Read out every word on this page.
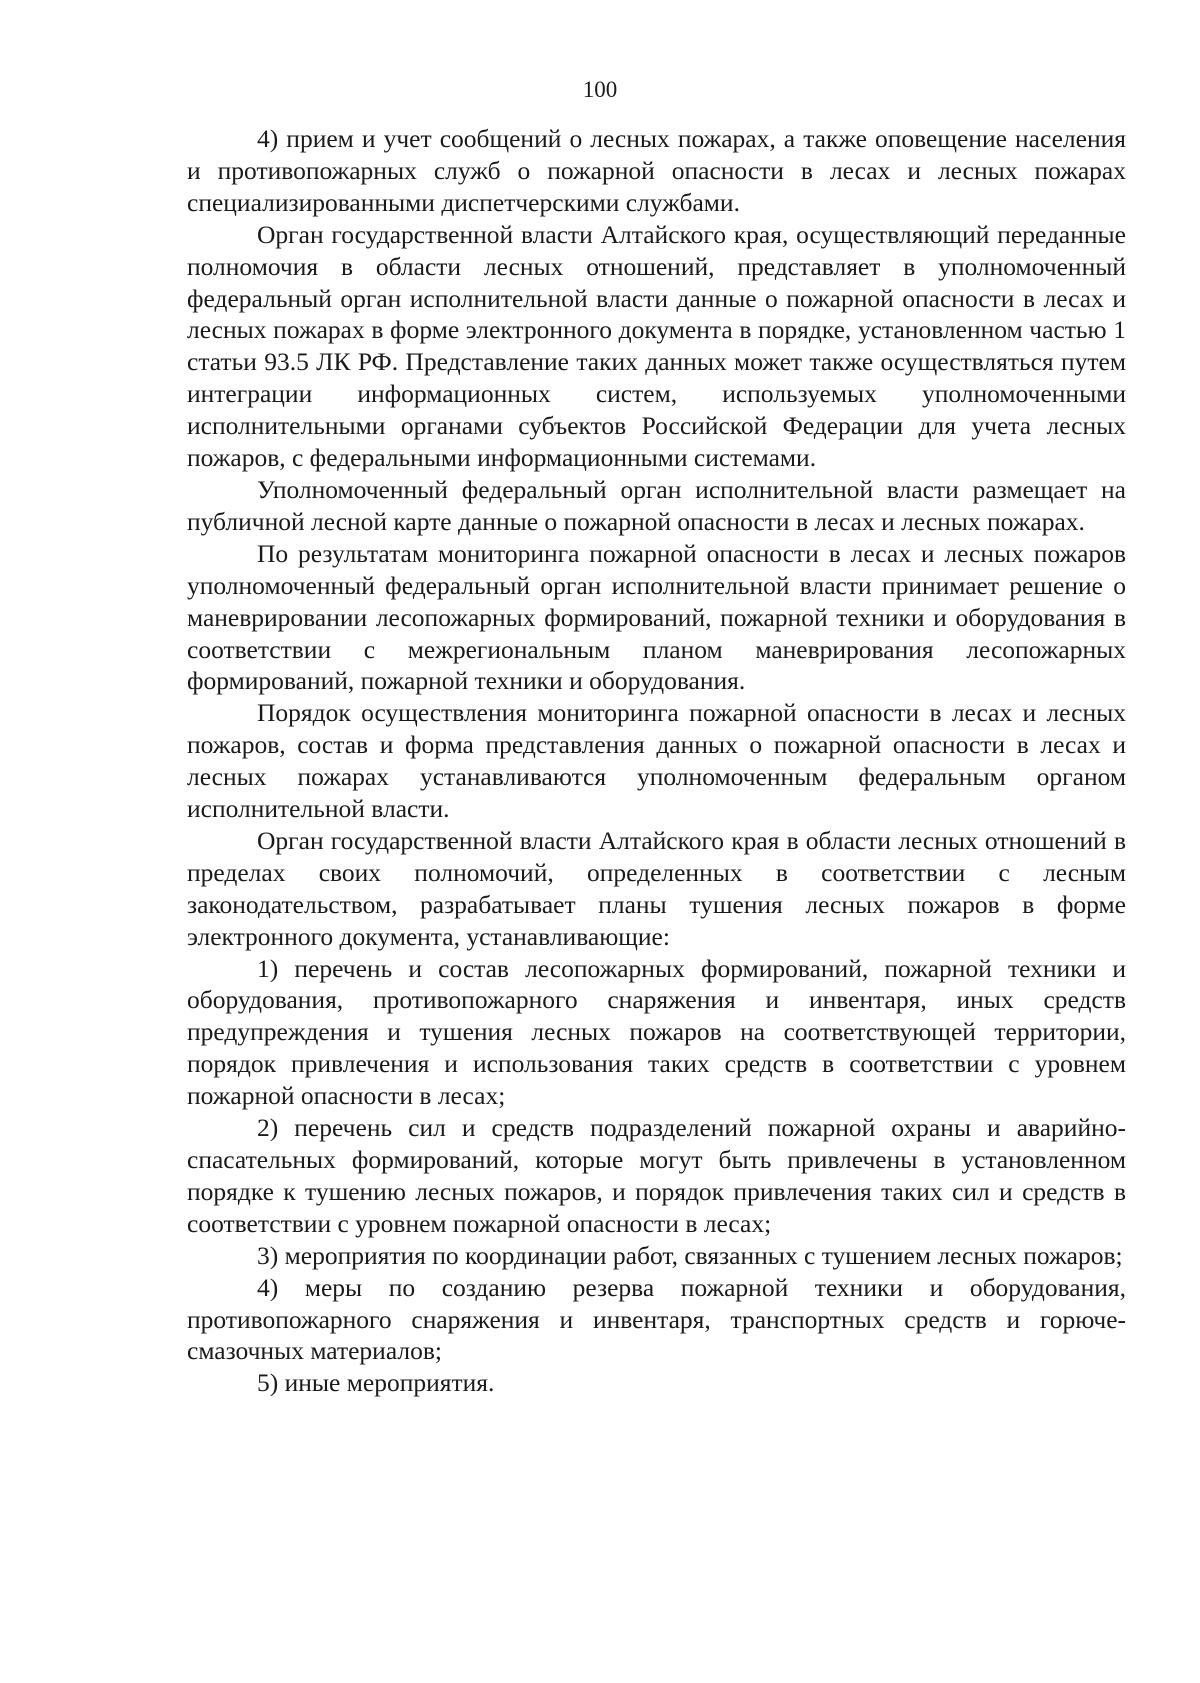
100

4) прием и учет сообщений о лесных пожарах, а также оповещение населения и противопожарных служб о пожарной опасности в лесах и лесных пожарах специализированными диспетчерскими службами.

Орган государственной власти Алтайского края, осуществляющий переданные полномочия в области лесных отношений, представляет в уполномоченный федеральный орган исполнительной власти данные о пожарной опасности в лесах и лесных пожарах в форме электронного документа в порядке, установленном частью 1 статьи 93.5 ЛК РФ. Представление таких данных может также осуществляться путем интеграции информационных систем, используемых уполномоченными исполнительными органами субъектов Российской Федерации для учета лесных пожаров, с федеральными информационными системами.

Уполномоченный федеральный орган исполнительной власти размещает на публичной лесной карте данные о пожарной опасности в лесах и лесных пожарах.

По результатам мониторинга пожарной опасности в лесах и лесных пожаров уполномоченный федеральный орган исполнительной власти принимает решение о маневрировании лесопожарных формирований, пожарной техники и оборудования в соответствии с межрегиональным планом маневрирования лесопожарных формирований, пожарной техники и оборудования.

Порядок осуществления мониторинга пожарной опасности в лесах и лесных пожаров, состав и форма представления данных о пожарной опасности в лесах и лесных пожарах устанавливаются уполномоченным федеральным органом исполнительной власти.

Орган государственной власти Алтайского края в области лесных отношений в пределах своих полномочий, определенных в соответствии с лесным законодательством, разрабатывает планы тушения лесных пожаров в форме электронного документа, устанавливающие:

1) перечень и состав лесопожарных формирований, пожарной техники и оборудования, противопожарного снаряжения и инвентаря, иных средств предупреждения и тушения лесных пожаров на соответствующей территории, порядок привлечения и использования таких средств в соответствии с уровнем пожарной опасности в лесах;

2) перечень сил и средств подразделений пожарной охраны и аварийно-спасательных формирований, которые могут быть привлечены в установленном порядке к тушению лесных пожаров, и порядок привлечения таких сил и средств в соответствии с уровнем пожарной опасности в лесах;

3) мероприятия по координации работ, связанных с тушением лесных пожаров;

4) меры по созданию резерва пожарной техники и оборудования, противопожарного снаряжения и инвентаря, транспортных средств и горюче-смазочных материалов;

5) иные мероприятия.
